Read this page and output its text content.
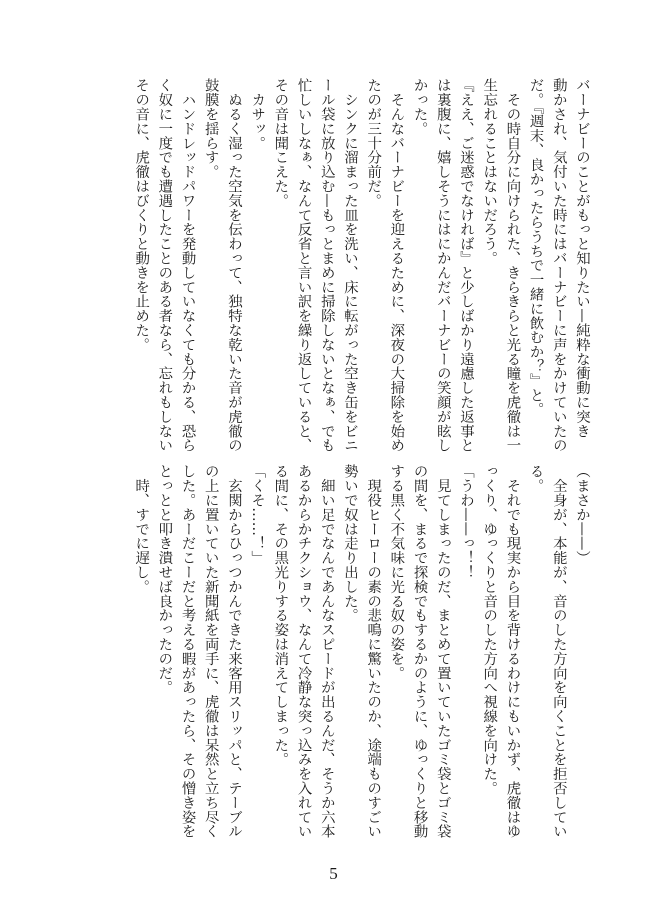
バーナビーのことがもっと知りたい—純粋な衝動に突き
動かされ、気付いた時にはバーナビーに声をかけていたの
だ。『週末、良かったらうちで一緒に飲むか？』と。
　その時自分に向けられた、きらきらと光る瞳を虎徹は一
生忘れることはないだろう。
『ええ、ご迷惑でなければ』と少しばかり遠慮した返事と
は裏腹に、嬉しそうにはにかんだバーナビーの笑顔が眩し
かった。
　そんなバーナビーを迎えるために、深夜の大掃除を始め
たのが三十分前だ。
　シンクに溜まった皿を洗い、床に転がった空き缶をビニ
ール袋に放り込む—もっとまめに掃除しないとなぁ、でも
忙しいしなぁ、なんて反省と言い訳を繰り返していると、
その音は聞こえた。
　カサッ。
　ぬるく湿った空気を伝わって、独特な乾いた音が虎徹の
鼓膜を揺らす。
　ハンドレッドパワーを発動していなくても分かる、恐ら
く奴に一度でも遭遇したことのある者なら、忘れもしない
その音に、虎徹はびくりと動きを止めた。
（まさか——）
　全身が、本能が、音のした方向を向くことを拒否してい
る。
　それでも現実から目を背けるわけにもいかず、虎徹はゆ
っくり、ゆっくりと音のした方向へ視線を向けた。
「うわ——っ！！
　見てしまったのだ、まとめて置いていたゴミ袋とゴミ袋
の間を、まるで探検でもするかのように、ゆっくりと移動
する黒く不気味に光る奴の姿を。
　現役ヒーローの素の悲鳴に驚いたのか、途端ものすごい
勢いで奴は走り出した。
　細い足でなんであんなスピードが出るんだ、そうか六本
あるからかチクショウ、なんて冷静な突っ込みを入れてい
る間に、その黒光りする姿は消えてしまった。
「くそ……！」
　玄関からひっつかんできた来客用スリッパと、テーブル
の上に置いていた新聞紙を両手に、虎徹は呆然と立ち尽く
した。あーだこーだと考える暇があったら、その憎き姿を
とっとと叩き潰せば良かったのだ。
　時、すでに遅し。
5
